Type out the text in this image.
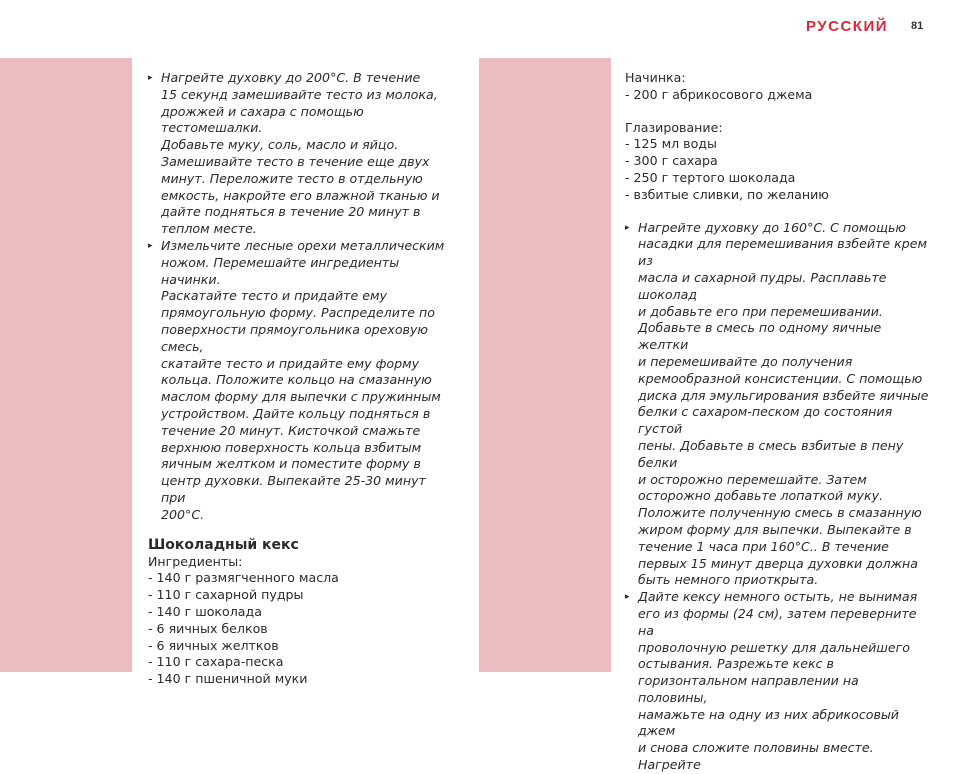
РУССКИЙ 81
▸ Нагрейте духовку до 200°С. В течение
15 секунд замешивайте тесто из молока,
дрожжей и сахара с помощью тестомешалки.
Добавьте муку, соль, масло и яйцо.
Замешивайте тесто в течение еще двух
минут. Переложите тесто в отдельную
емкость, накройте его влажной тканью и
дайте подняться в течение 20 минут в
теплом месте.
▸ Измельчите лесные орехи металлическим
ножом. Перемешайте ингредиенты начинки.
Раскатайте тесто и придайте ему
прямоугольную форму. Распределите по
поверхности прямоугольника ореховую смесь,
скатайте тесто и придайте ему форму
кольца. Положите кольцо на смазанную
маслом форму для выпечки с пружинным
устройством. Дайте кольцу подняться в
течение 20 минут. Кисточкой смажьте
верхнюю поверхность кольца взбитым
яичным желтком и поместите форму в
центр духовки. Выпекайте 25-30 минут при
200°С.
Шоколадный кекс
Ингредиенты:
- 140 г размягченного масла
- 110 г сахарной пудры
- 140 г шоколада
- 6 яичных белков
- 6 яичных желтков
- 110 г сахара-песка
- 140 г пшеничной муки
Начинка:
- 200 г абрикосового джема
Глазирование:
- 125 мл воды
- 300 г сахара
- 250 г тертого шоколада
- взбитые сливки, по желанию
▸ Нагрейте духовку до 160°С. С помощью
насадки для перемешивания взбейте крем из
масла и сахарной пудры. Расплавьте шоколад
и добавьте его при перемешивании.
Добавьте в смесь по одному яичные желтки
и перемешивайте до получения
кремообразной консистенции. С помощью
диска для эмульгирования взбейте яичные
белки с сахаром-песком до состояния густой
пены. Добавьте в смесь взбитые в пену белки
и осторожно перемешайте. Затем
осторожно добавьте лопаткой муку.
Положите полученную смесь в смазанную
жиром форму для выпечки. Выпекайте в
течение 1 часа при 160°С.. В течение
первых 15 минут дверца духовки должна
быть немного приоткрыта.
▸ Дайте кексу немного остыть, не вынимая
его из формы (24 см), затем переверните на
проволочную решетку для дальнейшего
остывания. Разрежьте кекс в
горизонтальном направлении на половины,
намажьте на одну из них абрикосовый джем
и снова сложите половины вместе. Нагрейте
